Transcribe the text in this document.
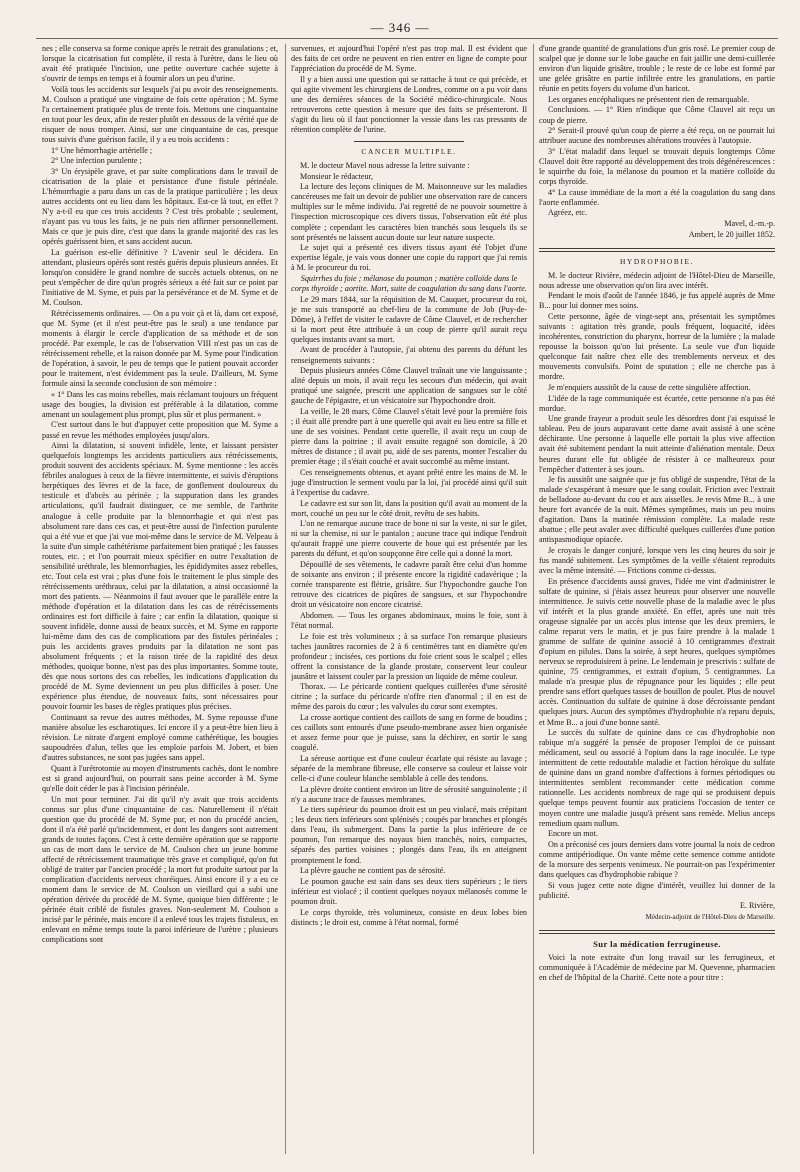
— 346 —

nes ; elle conserva sa forme conique après le retrait des granulations ; et, lorsque la cicatrisation fut complète, il resta à l'urètre, dans le lieu où avait été pratiquée l'incision, une petite ouverture cachée sujette à s'ouvrir de temps en temps et à fournir alors un peu d'urine.

Voilà tous les accidents sur lesquels j'ai pu avoir des renseignements. M. Coulson a pratiqué une vingtaine de fois cette opération ; M. Syme l'a certainement pratiquée plus de trente fois. Mettons une cinquantaine en tout pour les deux, afin de rester plutôt en dessous de la vérité que de risquer de nous tromper. Ainsi, sur une cinquantaine de cas, presque tous suivis d'une guérison facile, il y a eu trois accidents :

1° Une hémorrhagie artérielle ;

2° Une infection purulente ;

3° Un érysipèle grave, et par suite complications dans le travail de cicatrisation de la plaie et persistance d'une fistule périnéale. L'hémorrhagie a paru dans un cas de la pratique particulière ; les deux autres accidents ont eu lieu dans les hôpitaux. Est-ce là tout, en effet ? N'y a-t-il eu que ces trois accidents ? C'est très probable ; seulement, n'ayant pas vu tous les faits, je ne puis rien affirmer personnellement. Mais ce que je puis dire, c'est que dans la grande majorité des cas les opérés guérissent bien, et sans accident aucun.

La guérison est-elle définitive ? L'avenir seul le décidera. En attendant, plusieurs opérés sont restés guéris depuis plusieurs années. Et lorsqu'on considère le grand nombre de succès actuels obtenus, on ne peut s'empêcher de dire qu'un progrès sérieux a été fait sur ce point par l'initiative de M. Syme, et puis par la persévérance et de M. Syme et de M. Coulson.

Rétrécissements ordinaires. — On a pu voir çà et là, dans cet exposé, que M. Syme (et il n'est peut-être pas le seul) a une tendance par moments à élargir le cercle d'application de sa méthode et de son procédé. Par exemple, le cas de l'observation VIII n'est pas un cas de rétrécissement rebelle, et la raison donnée par M. Syme pour l'indication de l'opération, à savoir, le peu de temps que le patient pouvait accorder pour le traitement, n'est évidemment pas la seule. D'ailleurs, M. Syme formule ainsi la seconde conclusion de son mémoire :

« 1° Dans les cas moins rebelles, mais réclamant toujours un fréquent usage des bougies, la division est préférable à la dilatation, comme amenant un soulagement plus prompt, plus sûr et plus permanent. »

C'est surtout dans le but d'appuyer cette proposition que M. Syme a passé en revue les méthodes employées jusqu'alors.

Ainsi la dilatation, si souvent infidèle, lente, et laissant persister quelquefois longtemps les accidents particuliers aux rétrécissements, produit souvent des accidents spéciaux. M. Syme mentionne : les accès fébriles analogues à ceux de la fièvre intermittente, et suivis d'éruptions herpétiques des lèvres et de la face, de gonflement douloureux du testicule et d'abcès au périnée ; la suppuration dans les grandes articulations, qu'il faudrait distinguer, ce me semble, de l'arthrite analogue à celle produite par la blennorrhagie et qui n'est pas absolument rare dans ces cas, et peut-être aussi de l'infection purulente qui a été vue et que j'ai vue moi-même dans le service de M. Velpeau à la suite d'un simple cathétérisme parfaitement bien pratiqué ; les fausses routes, etc. ; et l'on pourrait mieux spécifier en outre l'exaltation de sensibilité uréthrale, les blennorrhagies, les épididymites assez rebelles, etc. Tout cela est vrai ; plus d'une fois le traitement le plus simple des rétrécissements uréthraux, celui par la dilatation, a ainsi occasionné la mort des patients. — Néanmoins il faut avouer que le parallèle entre la méthode d'opération et la dilatation dans les cas de rétrécissements ordinaires est fort difficile à faire ; car enfin la dilatation, quoique si souvent infidèle, donne aussi de beaux succès, et M. Syme en rapporte lui-même dans des cas de complications par des fistules périnéales ; puis les accidents graves produits par la dilatation ne sont pas absolument fréquents ; et la raison tirée de la rapidité des deux méthodes, quoique bonne, n'est pas des plus importantes. Somme toute, dès que nous sortons des cas rebelles, les indications d'application du procédé de M. Syme deviennent un peu plus difficiles à poser. Une expérience plus étendue, de nouveaux faits, sont nécessaires pour pouvoir fournir les bases de règles pratiques plus précises.

Continuant sa revue des autres méthodes, M. Syme repousse d'une manière absolue les escharotiques. Ici encore il y a peut-être bien lieu à révision. Le nitrate d'argent employé comme cathérétique, les bougies saupoudrées d'alun, telles que les emploie parfois M. Jobert, et bien d'autres substances, ne sont pas jugées sans appel.

Quant à l'urétrotomie au moyen d'instruments cachés, dont le nombre est si grand aujourd'hui, on pourrait sans peine accorder à M. Syme qu'elle doit céder le pas à l'incision périnéale.

Un mot pour terminer. J'ai dit qu'il n'y avait que trois accidents connus sur plus d'une cinquantaine de cas. Naturellement il n'était question que du procédé de M. Syme pur, et non du procédé ancien, dont il n'a été parlé qu'incidemment, et dont les dangers sont autrement grands de toutes façons. C'est à cette dernière opération que se rapporte un cas de mort dans le service de M. Coulson chez un jeune homme affecté de rétrécissement traumatique très grave et compliqué, qu'on fut obligé de traiter par l'ancien procédé ; la mort fut produite surtout par la complication d'accidents nerveux choréiques. Ainsi encore il y a eu ce moment dans le service de M. Coulson un vieillard qui a subi une opération dérivée du procédé de M. Syme, quoique bien différente ; le périnée était criblé de fistules graves. Non-seulement M. Coulson a incisé par le périnée, mais encore il a enlevé tous les trajets fistuleux, en enlevant en même temps toute la paroi inférieure de l'urètre ; plusieurs complications sont

survenues, et aujourd'hui l'opéré n'est pas trop mal. Il est évident que des faits de cet ordre ne peuvent en rien entrer en ligne de compte pour l'appréciation du procédé de M. Syme.

Il y a bien aussi une question qui se rattache à tout ce qui précède, et qui agite vivement les chirurgiens de Londres, comme on a pu voir dans une des dernières séances de la Société médico-chirurgicale. Nous retrouverons cette question à mesure que des faits se présenteront. Il s'agit du lieu où il faut ponctionner la vessie dans les cas pressants de rétention complète de l'urine.

CANCER MULTIPLE.

M. le docteur Mavel nous adresse la lettre suivante :

Monsieur le rédacteur,

La lecture des leçons cliniques de M. Maisonneuve sur les maladies cancéreuses me fait un devoir de publier une observation rare de cancers multiples sur le même individu. J'ai regretté de ne pouvoir soumettre à l'inspection microscopique ces divers tissus, l'observation eût été plus complète ; cependant les caractères bien tranchés sous lesquels ils se sont présentés ne laissent aucun doute sur leur nature suspecte.

Le sujet qui a présenté ces divers tissus ayant été l'objet d'une expertise légale, je vais vous donner une copie du rapport que j'ai remis à M. le procureur du roi.

Squirrhes du foie ; mélanose du poumon ; matière colloïde dans le corps thyroïde ; aortite. Mort, suite de coagulation du sang dans l'aorte.

Le 29 mars 1844, sur la réquisition de M. Cauquet, procureur du roi, je me suis transporté au chef-lieu de la commune de Job (Puy-de-Dôme), à l'effet de visiter le cadavre de Côme Clauvel, et de rechercher si la mort peut être attribuée à un coup de pierre qu'il aurait reçu quelques instants avant sa mort.

Avant de procéder à l'autopsie, j'ai obtenu des parents du défunt les renseignements suivants :

Depuis plusieurs années Côme Clauvel traînait une vie languissante ; alité depuis un mois, il avait reçu les secours d'un médecin, qui avait pratiqué une saignée, prescrit une application de sangsues sur le côté gauche de l'épigastre, et un vésicatoire sur l'hypochondre droit.

La veille, le 28 mars, Côme Clauvel s'était levé pour la première fois ; il était allé prendre part à une querelle qui avait eu lieu entre sa fille et une de ses voisines. Pendant cette querelle, il avait reçu un coup de pierre dans la poitrine ; il avait ensuite regagné son domicile, à 20 mètres de distance ; il avait pu, aidé de ses parents, monter l'escalier du premier étage ; il s'était couché et avait succombé au même instant.

Ces renseignements obtenus, et ayant prêté entre les mains de M. le juge d'instruction le serment voulu par la loi, j'ai procédé ainsi qu'il suit à l'expertise du cadavre.

Le cadavre est sur son lit, dans la position qu'il avait au moment de la mort, couché un peu sur le côté droit, revêtu de ses habits.

L'on ne remarque aucune trace de bone ni sur la veste, ni sur le gilet, ni sur la chemise, ni sur le pantalon ; aucune trace qui indique l'endroit qu'aurait frappé une pierre couverte de boue qui est présentée par les parents du défunt, et qu'on soupçonne être celle qui a donné la mort.

Dépouillé de ses vêtements, le cadavre paraît être celui d'un homme de soixante ans environ ; il présente encore la rigidité cadavérique ; la cornée transparente est flétrie, grisâtre. Sur l'hypochondre gauche l'on retrouve des cicatrices de piqûres de sangsues, et sur l'hypochondre droit un vésicatoire non encore cicatrisé.

Abdomen. — Tous les organes abdominaux, moins le foie, sont à l'état normal.

Le foie est très volumineux ; à sa surface l'on remarque plusieurs taches jaunâtres racornies de 2 à 6 centimètres tant en diamètre qu'en profondeur ; incisées, ces portions du foie crient sous le scalpel ; elles offrent la consistance de la glande prostate, conservent leur couleur jaunâtre et laissent couler par la pression un liquide de même couleur.

Thorax. — Le péricarde contient quelques cuillerées d'une sérosité citrine ; la surface du péricarde n'offre rien d'anormal ; il en est de même des parois du cœur ; les valvules du cœur sont exemptes.

La crosse aortique contient des caillots de sang en forme de boudins ; ces caillots sont entourés d'une pseudo-membrane assez bien organisée et assez ferme pour que je puisse, sans la déchirer, en sortir le sang coagulé.

La séreuse aortique est d'une couleur écarlate qui résiste au lavage ; séparée de la membrane fibreuse, elle conserve sa couleur et laisse voir celle-ci d'une couleur blanche semblable à celle des tendons.

La plèvre droite contient environ un litre de sérosité sanguinolente ; il n'y a aucune trace de fausses membranes.

Le tiers supérieur du poumon droit est un peu violacé, mais crépitant ; les deux tiers inférieurs sont splénisés ; coupés par branches et plongés dans l'eau, ils submergent. Dans la partie la plus inférieure de ce poumon, l'on remarque des noyaux bien tranchés, noirs, compactes, séparés des parties voisines ; plongés dans l'eau, ils en atteignent promptement le fond.

La plèvre gauche ne contient pas de sérosité.

Le poumon gauche est sain dans ses deux tiers supérieurs ; le tiers inférieur est violacé ; il contient quelques noyaux mélanosés comme le poumon droit.

Le corps thyroïde, très volumineux, consiste en deux lobes bien distincts ; le droit est, comme à l'état normal, formé

d'une grande quantité de granulations d'un gris rosé. Le premier coup de scalpel que je donne sur le lobe gauche en fait jaillir une demi-cuillerée environ d'un liquide grisâtre, trouble ; le reste de ce lobe est formé par une gelée grisâtre en partie infiltrée entre les granulations, en partie réunie en petits foyers du volume d'un haricot.

Les organes encéphaliques ne présentent rien de remarquable.

Conclusions. — 1° Rien n'indique que Côme Clauvel ait reçu un coup de pierre.

2° Serait-il prouvé qu'un coup de pierre a été reçu, on ne pourrait lui attribuer aucune des nombreuses altérations trouvées à l'autopsie.

3° L'état maladif dans lequel se trouvait depuis longtemps Côme Clauvel doit être rapporté au développement des trois dégénérescences : le squirrhe du foie, la mélanose du poumon et la matière colloïde du corps thyroïde.

4° La cause immédiate de la mort a été la coagulation du sang dans l'aorte enflammée.

Agréez, etc.

Mavel, d.-m.-p.

Ambert, le 20 juillet 1852.

HYDROPHOBIE.

M. le docteur Rivière, médecin adjoint de l'Hôtel-Dieu de Marseille, nous adresse une observation qu'on lira avec intérêt.

Pendant le mois d'août de l'année 1846, je fus appelé auprès de Mme B... pour lui donner mes soins.

Cette personne, âgée de vingt-sept ans, présentait les symptômes suivants : agitation très grande, pouls fréquent, loquacité, idées incohérentes, constriction du pharynx, horreur de la lumière ; la malade repousse la boisson qu'on lui présente. La seule vue d'un liquide quelconque fait naître chez elle des tremblements nerveux et des mouvements convulsifs. Point de sputation ; elle ne cherche pas à mordre.

Je m'enquiers aussitôt de la cause de cette singulière affection.

L'idée de la rage communiquée est écartée, cette personne n'a pas été mordue.

Une grande frayeur a produit seule les désordres dont j'ai esquissé le tableau. Peu de jours auparavant cette dame avait assisté à une scène déchirante. Une personne à laquelle elle portait la plus vive affection avait été subitement pendant la nuit atteinte d'aliénation mentale. Deux heures durant elle fut obligée de résister à ce malheureux pour l'empêcher d'attenter à ses jours.

Je fis aussitôt une saignée que je fus obligé de suspendre, l'état de la malade s'exaspérant à mesure que le sang coulait. Friction avec l'extrait de belladone au-devant du cou et aux aisselles. Je revis Mme B... à une heure fort avancée de la nuit. Mêmes symptômes, mais un peu moins d'agitation. Dans la matinée rémission complète. La malade reste abattue ; elle peut avaler avec difficulté quelques cuillerées d'une potion antispasmodique opiacée.

Je croyais le danger conjuré, lorsque vers les cinq heures du soir je fus mandé subitement. Les symptômes de la veille s'étaient reproduits avec la même intensité. — Frictions comme ci-dessus.

En présence d'accidents aussi graves, l'idée me vint d'administrer le sulfate de quinine, si j'étais assez heureux pour observer une nouvelle intermittence. Je suivis cette nouvelle phase de la maladie avec le plus vif intérêt et la plus grande anxiété. En effet, après une nuit très orageuse signalée par un accès plus intense que les deux premiers, le calme reparut vers le matin, et je pus faire prendre à la malade 1 gramme de sulfate de quinine associé à 10 centigrammes d'extrait d'opium en pilules. Dans la soirée, à sept heures, quelques symptômes nerveux se reproduisirent à peine. Le lendemain je prescrivis : sulfate de quinine, 75 centigrammes, et extrait d'opium, 5 centigrammes. La malade n'a presque plus de répugnance pour les liquides ; elle peut prendre sans effort quelques tasses de bouillon de poulet. Plus de nouvel accès. Continuation du sulfate de quinine à dose décroissante pendant quelques jours. Aucun des symptômes d'hydrophobie n'a reparu depuis, et Mme B... a joui d'une bonne santé.

Le succès du sulfate de quinine dans ce cas d'hydrophobie non rabique m'a suggéré la pensée de proposer l'emploi de ce puissant médicament, seul ou associé à l'opium dans la rage inoculée. Le type intermittent de cette redoutable maladie et l'action héroïque du sulfate de quinine dans un grand nombre d'affections à formes périodiques ou intermittentes semblent recommander cette médication comme rationnelle. Les accidents nombreux de rage qui se produisent depuis quelque temps peuvent fournir aux praticiens l'occasion de tenter ce moyen contre une maladie jusqu'à présent sans remède. Melius anceps remedium quam nullum.

Encore un mot.

On a préconisé ces jours derniers dans votre journal la noix de cedron comme antipériodique. On vante même cette semence comme antidote de la morsure des serpents venimeux. Ne pourrait-on pas l'expérimenter dans quelques cas d'hydrophobie rabique ?

Si vous jugez cette note digne d'intérêt, veuillez lui donner de la publicité.

E. Rivière,

Médecin-adjoint de l'Hôtel-Dieu de Marseille.

Sur la médication ferrugineuse.

Voici la note extraite d'un long travail sur les ferrugineux, et communiquée à l'Académie de médecine par M. Quevenne, pharmacien en chef de l'hôpital de la Charité. Cette note a pour titre :
